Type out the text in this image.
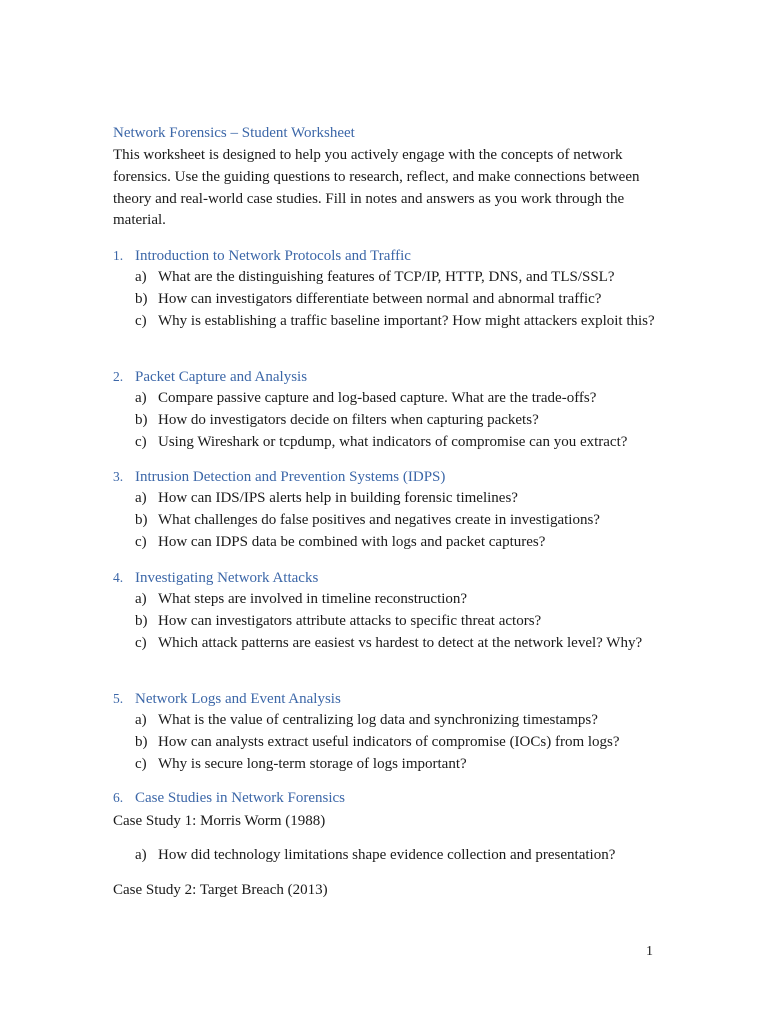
Network Forensics – Student Worksheet

This worksheet is designed to help you actively engage with the concepts of network forensics. Use the guiding questions to research, reflect, and make connections between theory and real-world case studies. Fill in notes and answers as you work through the material.

1. Introduction to Network Protocols and Traffic
a) What are the distinguishing features of TCP/IP, HTTP, DNS, and TLS/SSL?
b) How can investigators differentiate between normal and abnormal traffic?
c) Why is establishing a traffic baseline important? How might attackers exploit this?
2. Packet Capture and Analysis
a) Compare passive capture and log-based capture. What are the trade-offs?
b) How do investigators decide on filters when capturing packets?
c) Using Wireshark or tcpdump, what indicators of compromise can you extract?
3. Intrusion Detection and Prevention Systems (IDPS)
a) How can IDS/IPS alerts help in building forensic timelines?
b) What challenges do false positives and negatives create in investigations?
c) How can IDPS data be combined with logs and packet captures?
4. Investigating Network Attacks
a) What steps are involved in timeline reconstruction?
b) How can investigators attribute attacks to specific threat actors?
c) Which attack patterns are easiest vs hardest to detect at the network level? Why?
5. Network Logs and Event Analysis
a) What is the value of centralizing log data and synchronizing timestamps?
b) How can analysts extract useful indicators of compromise (IOCs) from logs?
c) Why is secure long-term storage of logs important?
6. Case Studies in Network Forensics
Case Study 1: Morris Worm (1988)
a) How did technology limitations shape evidence collection and presentation?
Case Study 2: Target Breach (2013)
1
